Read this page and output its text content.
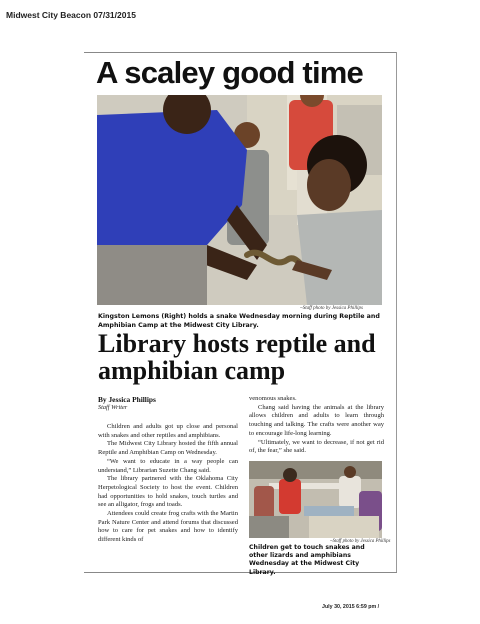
Midwest City Beacon 07/31/2015
A scaley good time
~Staff photo by Jessica Phillips
Kingston Lemons (Right) holds a snake Wednesday morning during Reptile and Amphibian Camp at the Midwest City Library.
Library hosts reptile and amphibian camp
By Jessica Phillips
Staff Writer

Children and adults got up close and personal with snakes and other reptiles and amphibians.

The Midwest City Library hosted the fifth annual Reptile and Amphibian Camp on Wednesday.

“We want to educate in a way people can understand,” Librarian Suzette Chang said.

The library partnered with the Oklahoma City Herpetological Society to host the event. Children had opportunities to hold snakes, touch turtles and see an alligator, frogs and toads.

Attendees could create frog crafts with the Martin Park Nature Center and attend forums that discussed how to care for pet snakes and how to identify different kinds of

venomous snakes.

Chang said having the animals at the library allows children and adults to learn through touching and talking. The crafts were another way to encourage life-long learning.

“Ultimately, we want to decrease, if not get rid of, the fear,” she said.

~Staff photo by Jessica Phillips
Children get to touch snakes and other lizards and amphibians Wednesday at the Midwest City Library.
July 30, 2015 6:59 pm /
